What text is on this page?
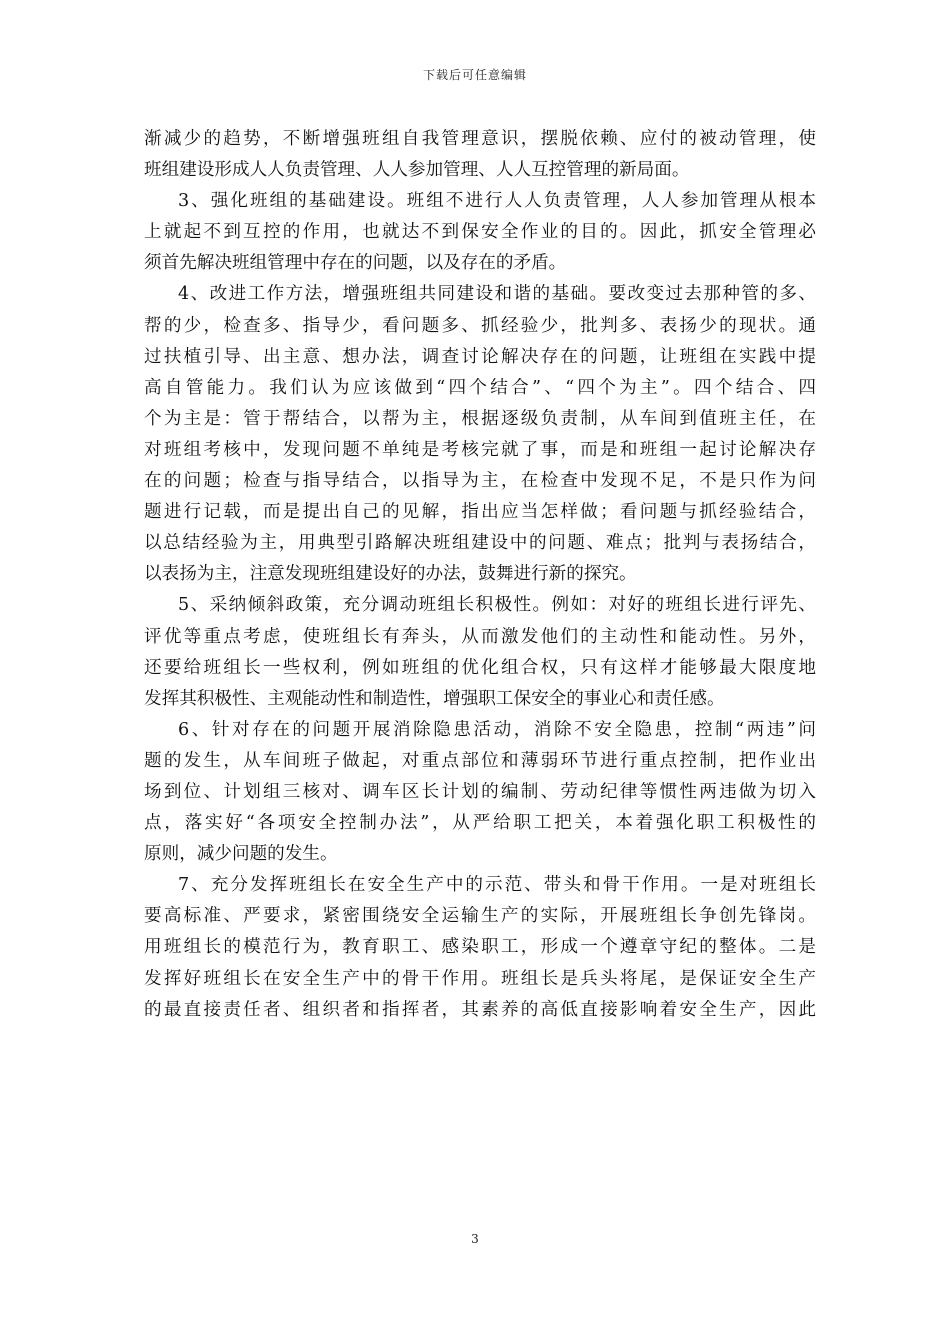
下载后可任意编辑
渐减少的趋势，不断增强班组自我管理意识，摆脱依赖、应付的被动管理，使
班组建设形成人人负责管理、人人参加管理、人人互控管理的新局面。
3、强化班组的基础建设。班组不进行人人负责管理，人人参加管理从根本
上就起不到互控的作用，也就达不到保安全作业的目的。因此，抓安全管理必
须首先解决班组管理中存在的问题，以及存在的矛盾。
4、改进工作方法，增强班组共同建设和谐的基础。要改变过去那种管的多、
帮的少，检查多、指导少，看问题多、抓经验少，批判多、表扬少的现状。通
过扶植引导、出主意、想办法，调查讨论解决存在的问题，让班组在实践中提
高自管能力。我们认为应该做到“四个结合”、“四个为主”。四个结合、四
个为主是：管于帮结合，以帮为主，根据逐级负责制，从车间到值班主任，在
对班组考核中，发现问题不单纯是考核完就了事，而是和班组一起讨论解决存
在的问题；检查与指导结合，以指导为主，在检查中发现不足，不是只作为问
题进行记载，而是提出自己的见解，指出应当怎样做；看问题与抓经验结合，
以总结经验为主，用典型引路解决班组建设中的问题、难点；批判与表扬结合，
以表扬为主，注意发现班组建设好的办法，鼓舞进行新的探究。
5、采纳倾斜政策，充分调动班组长积极性。例如：对好的班组长进行评先、
评优等重点考虑，使班组长有奔头，从而激发他们的主动性和能动性。另外，
还要给班组长一些权利，例如班组的优化组合权，只有这样才能够最大限度地
发挥其积极性、主观能动性和制造性，增强职工保安全的事业心和责任感。
6、针对存在的问题开展消除隐患活动，消除不安全隐患，控制“两违”问
题的发生，从车间班子做起，对重点部位和薄弱环节进行重点控制，把作业出
场到位、计划组三核对、调车区长计划的编制、劳动纪律等惯性两违做为切入
点，落实好“各项安全控制办法”，从严给职工把关，本着强化职工积极性的
原则，减少问题的发生。
7、充分发挥班组长在安全生产中的示范、带头和骨干作用。一是对班组长
要高标准、严要求，紧密围绕安全运输生产的实际，开展班组长争创先锋岗。
用班组长的模范行为，教育职工、感染职工，形成一个遵章守纪的整体。二是
发挥好班组长在安全生产中的骨干作用。班组长是兵头将尾，是保证安全生产
的最直接责任者、组织者和指挥者，其素养的高低直接影响着安全生产，因此
3
